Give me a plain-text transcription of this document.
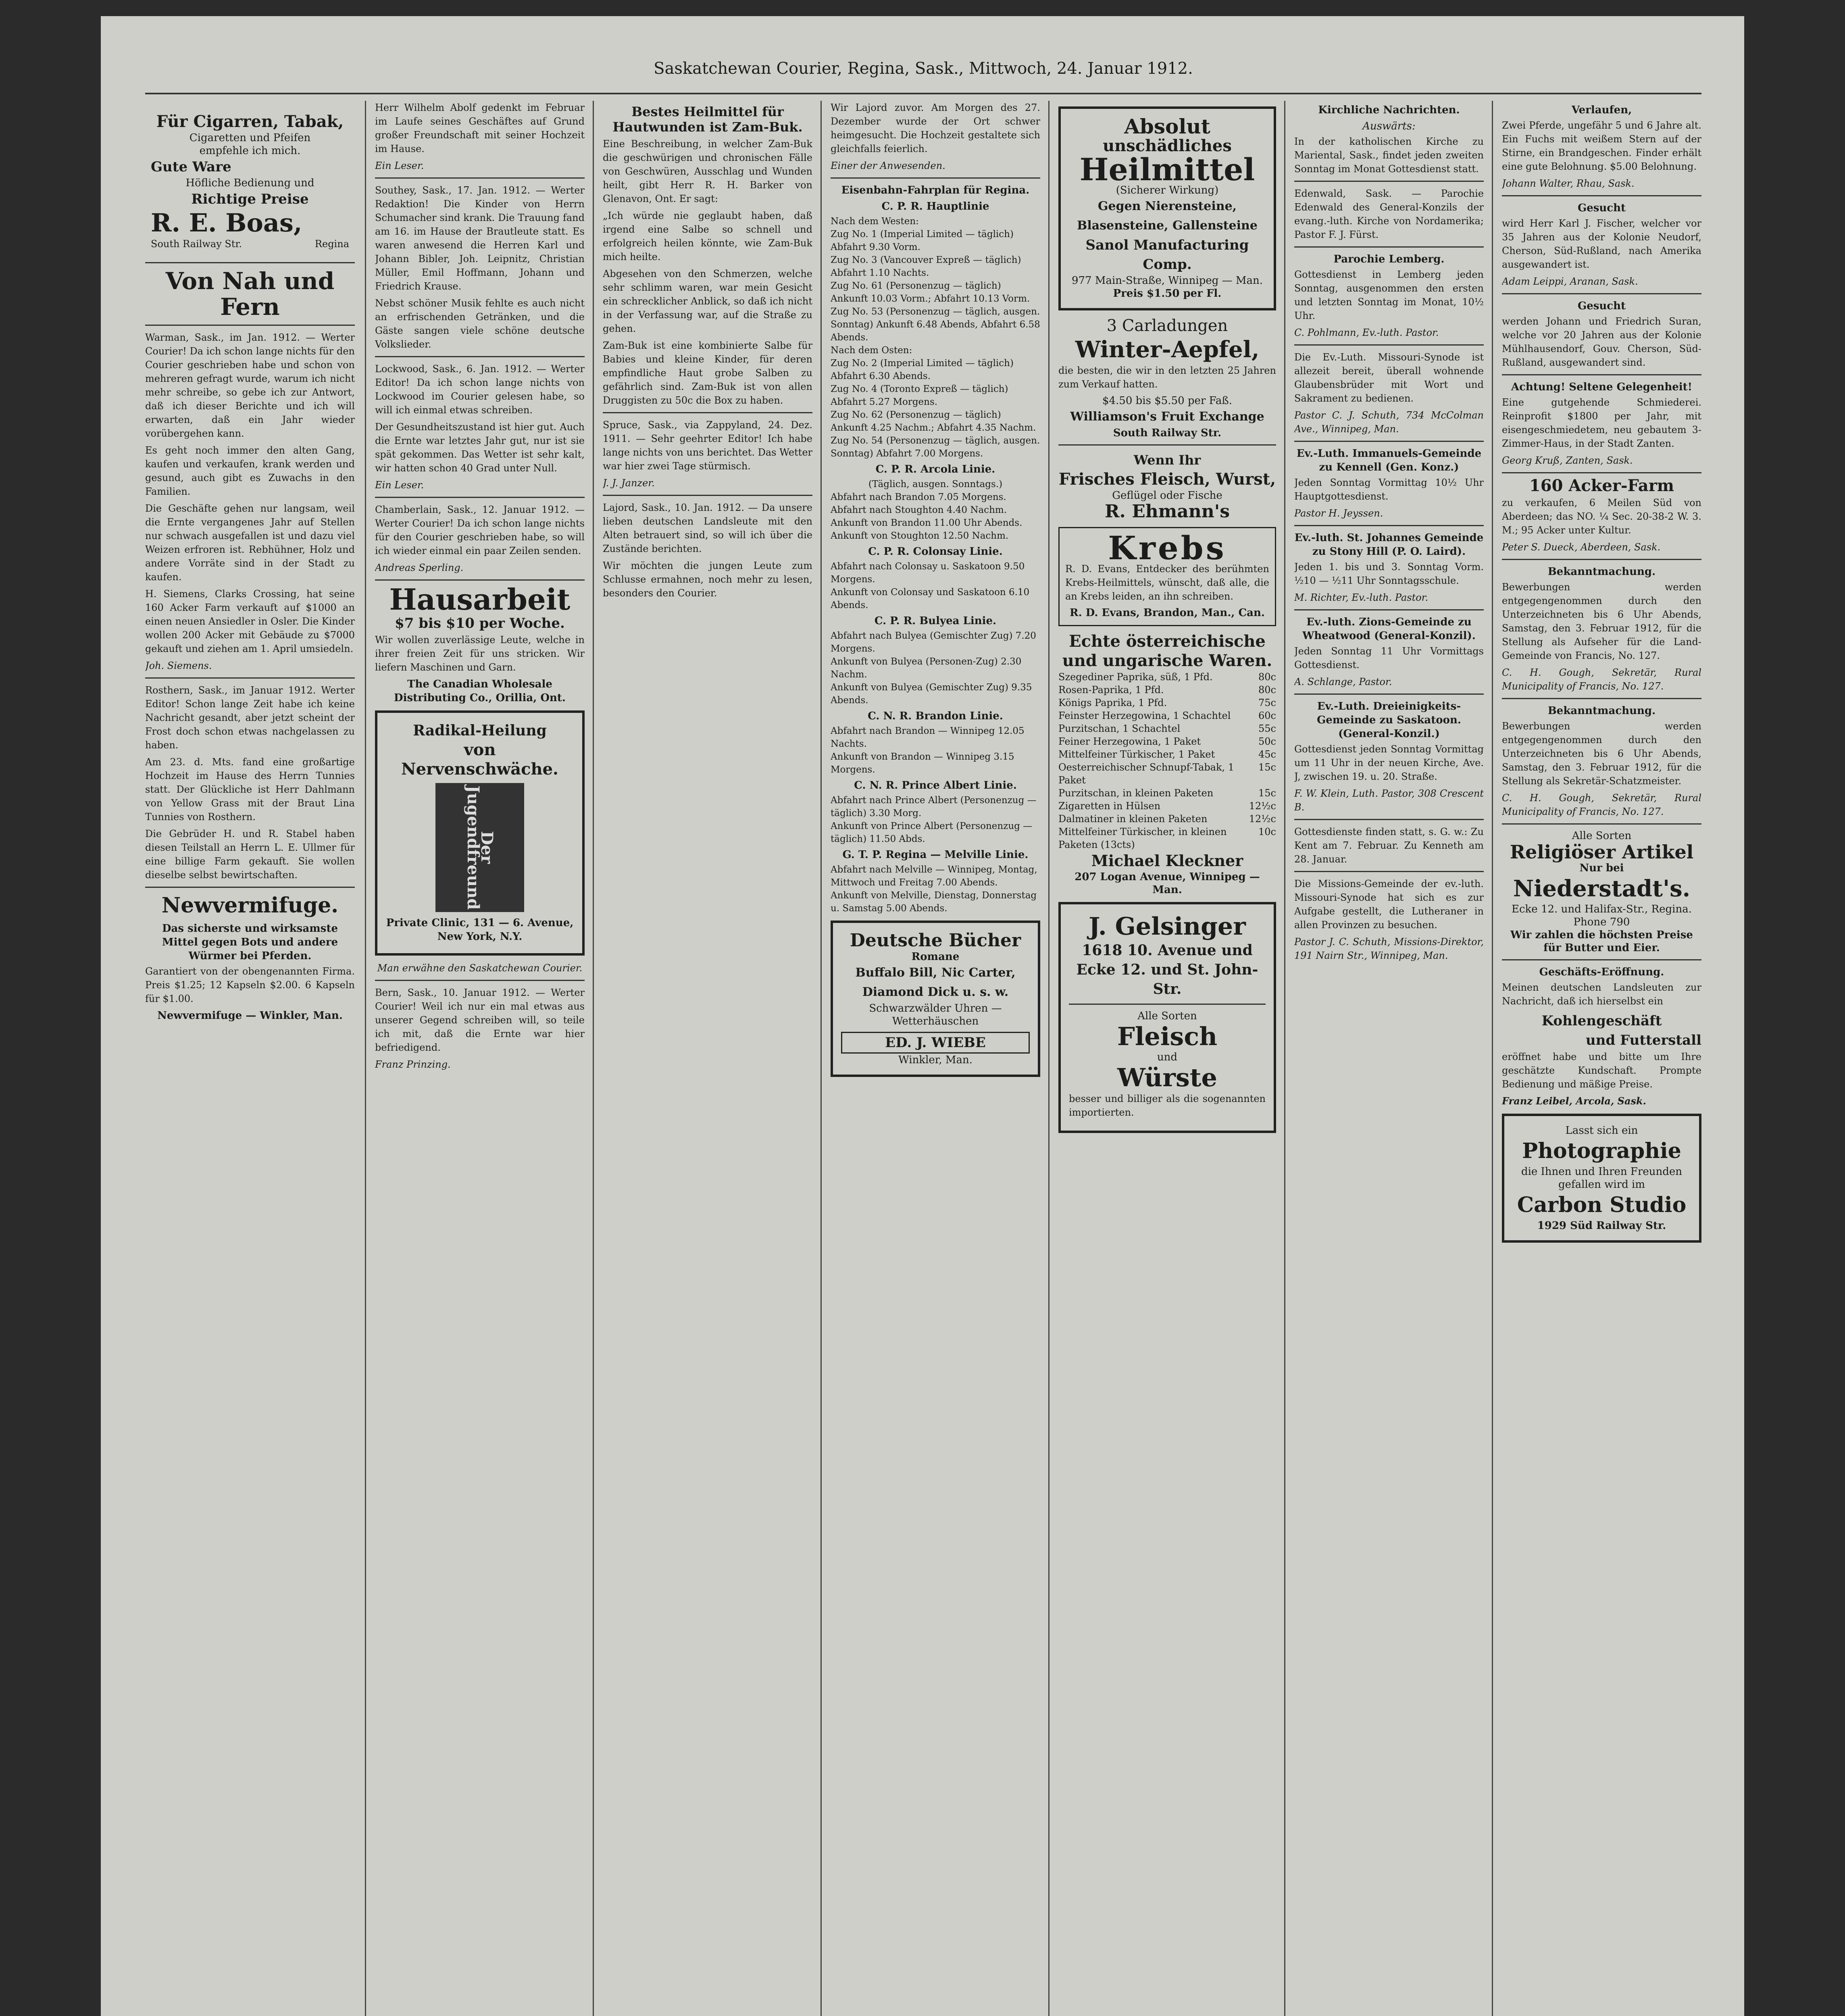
Saskatchewan Courier, Regina, Sask., Mittwoch, 24. Januar 1912.
Für Cigarren, Tabak,
Cigaretten und Pfeifen
empfehle ich mich.
Gute Ware
Höfliche Bedienung und
Richtige Preise
R. E. Boas,
South Railway Str.	Regina
Von Nah und Fern

Warman, Sask., im Jan. 1912. — Werter Courier! Da ich schon lange nichts für den Courier geschrieben habe und schon von mehreren gefragt wurde, warum ich nicht mehr schreibe, so gebe ich zur Antwort, daß ich dieser Berichte und ich will erwarten, daß ein Jahr wieder vorübergehen kann.

Es geht noch immer den alten Gang, kaufen und verkaufen, krank werden und gesund, auch gibt es Zuwachs in den Familien.

Die Geschäfte gehen nur langsam, weil die Ernte vergangenes Jahr auf Stellen nur schwach ausgefallen ist und dazu viel Weizen erfroren ist. Rebhühner, Holz und andere Vorräte sind in der Stadt zu kaufen.

H. Siemens, Clarks Crossing, hat seine 160 Acker Farm verkauft auf $1000 an einen neuen Ansiedler in Osler. Die Kinder wollen 200 Acker mit Gebäude zu $7000 gekauft und ziehen am 1. April umsiedeln.

Joh. Siemens.

Rosthern, Sask., im Januar 1912. Werter Editor! Schon lange Zeit habe ich keine Nachricht gesandt, aber jetzt scheint der Frost doch schon etwas nachgelassen zu haben.

Am 23. d. Mts. fand eine großartige Hochzeit im Hause des Herrn Tunnies statt. Der Glückliche ist Herr Dahlmann von Yellow Grass mit der Braut Lina Tunnies von Rosthern.

Die Gebrüder H. und R. Stabel haben diesen Teilstall an Herrn L. E. Ullmer für eine billige Farm gekauft. Sie wollen dieselbe selbst bewirtschaften.

Newvermifuge.
Das sicherste und wirksamste Mittel gegen Bots und andere Würmer bei Pferden.

Garantiert von der obengenannten Firma. Preis $1.25; 12 Kapseln $2.00. 6 Kapseln für $1.00.

Newvermifuge — Winkler, Man.

Herr Wilhelm Abolf gedenkt im Februar im Laufe seines Geschäftes auf Grund großer Freundschaft mit seiner Hochzeit im Hause.

Ein Leser.

Southey, Sask., 17. Jan. 1912. — Werter Redaktion! Die Kinder von Herrn Schumacher sind krank. Die Trauung fand am 16. im Hause der Brautleute statt. Es waren anwesend die Herren Karl und Johann Bibler, Joh. Leipnitz, Christian Müller, Emil Hoffmann, Johann und Friedrich Krause.

Nebst schöner Musik fehlte es auch nicht an erfrischenden Getränken, und die Gäste sangen viele schöne deutsche Volkslieder.

Lockwood, Sask., 6. Jan. 1912. — Werter Editor! Da ich schon lange nichts von Lockwood im Courier gelesen habe, so will ich einmal etwas schreiben.

Der Gesundheitszustand ist hier gut. Auch die Ernte war letztes Jahr gut, nur ist sie spät gekommen. Das Wetter ist sehr kalt, wir hatten schon 40 Grad unter Null.

Ein Leser.

Chamberlain, Sask., 12. Januar 1912. — Werter Courier! Da ich schon lange nichts für den Courier geschrieben habe, so will ich wieder einmal ein paar Zeilen senden.

Andreas Sperling.

Hausarbeit
$7 bis $10 per Woche.

Wir wollen zuverlässige Leute, welche in ihrer freien Zeit für uns stricken. Wir liefern Maschinen und Garn.

The Canadian Wholesale Distributing Co., Orillia, Ont.
Radikal-Heilung
von Nervenschwäche.
Der Jugendfreund
Private Clinic, 131 — 6. Avenue, New York, N.Y.

Man erwähne den Saskatchewan Courier.

Bern, Sask., 10. Januar 1912. — Werter Courier! Weil ich nur ein mal etwas aus unserer Gegend schreiben will, so teile ich mit, daß die Ernte war hier befriedigend.

Franz Prinzing.

Bestes Heilmittel für Hautwunden ist Zam-Buk.

Eine Beschreibung, in welcher Zam-Buk die geschwürigen und chronischen Fälle von Geschwüren, Ausschlag und Wunden heilt, gibt Herr R. H. Barker von Glenavon, Ont. Er sagt:

„Ich würde nie geglaubt haben, daß irgend eine Salbe so schnell und erfolgreich heilen könnte, wie Zam-Buk mich heilte.

Abgesehen von den Schmerzen, welche sehr schlimm waren, war mein Gesicht ein schrecklicher Anblick, so daß ich nicht in der Verfassung war, auf die Straße zu gehen.

Zam-Buk ist eine kombinierte Salbe für Babies und kleine Kinder, für deren empfindliche Haut grobe Salben zu gefährlich sind. Zam-Buk ist von allen Druggisten zu 50c die Box zu haben.

Spruce, Sask., via Zappyland, 24. Dez. 1911. — Sehr geehrter Editor! Ich habe lange nichts von uns berichtet. Das Wetter war hier zwei Tage stürmisch.

J. J. Janzer.

Lajord, Sask., 10. Jan. 1912. — Da unsere lieben deutschen Landsleute mit den Alten betrauert sind, so will ich über die Zustände berichten.

Wir möchten die jungen Leute zum Schlusse ermahnen, noch mehr zu lesen, besonders den Courier.

Wir Lajord zuvor. Am Morgen des 27. Dezember wurde der Ort schwer heimgesucht. Die Hochzeit gestaltete sich gleichfalls feierlich.

Einer der Anwesenden.

Eisenbahn-Fahrplan für Regina.
C. P. R. Hauptlinie
Nach dem Westen:
Zug No. 1 (Imperial Limited — täglich) Abfahrt 9.30 Vorm.
Zug No. 3 (Vancouver Expreß — täglich) Abfahrt 1.10 Nachts.
Zug No. 61 (Personenzug — täglich) Ankunft 10.03 Vorm.; Abfahrt 10.13 Vorm.
Zug No. 53 (Personenzug — täglich, ausgen. Sonntag) Ankunft 6.48 Abends, Abfahrt 6.58 Abends.
Nach dem Osten:
Zug No. 2 (Imperial Limited — täglich) Abfahrt 6.30 Abends.
Zug No. 4 (Toronto Expreß — täglich) Abfahrt 5.27 Morgens.
Zug No. 62 (Personenzug — täglich) Ankunft 4.25 Nachm.; Abfahrt 4.35 Nachm.
Zug No. 54 (Personenzug — täglich, ausgen. Sonntag) Abfahrt 7.00 Morgens.
C. P. R. Arcola Linie.
(Täglich, ausgen. Sonntags.)
Abfahrt nach Brandon 7.05 Morgens.
Abfahrt nach Stoughton 4.40 Nachm.
Ankunft von Brandon 11.00 Uhr Abends.
Ankunft von Stoughton 12.50 Nachm.
C. P. R. Colonsay Linie.
Abfahrt nach Colonsay u. Saskatoon 9.50 Morgens.
Ankunft von Colonsay und Saskatoon 6.10 Abends.
C. P. R. Bulyea Linie.
Abfahrt nach Bulyea (Gemischter Zug) 7.20 Morgens.
Ankunft von Bulyea (Personen-Zug) 2.30 Nachm.
Ankunft von Bulyea (Gemischter Zug) 9.35 Abends.
C. N. R. Brandon Linie.
Abfahrt nach Brandon — Winnipeg 12.05 Nachts.
Ankunft von Brandon — Winnipeg 3.15 Morgens.
C. N. R. Prince Albert Linie.
Abfahrt nach Prince Albert (Personenzug — täglich) 3.30 Morg.
Ankunft von Prince Albert (Personenzug — täglich) 11.50 Abds.
G. T. P. Regina — Melville Linie.
Abfahrt nach Melville — Winnipeg, Montag, Mittwoch und Freitag 7.00 Abends.
Ankunft von Melville, Dienstag, Donnerstag u. Samstag 5.00 Abends.
Deutsche Bücher
Romane
Buffalo Bill, Nic Carter, Diamond Dick u. s. w.
Schwarzwälder Uhren — Wetterhäuschen
ED. J. WIEBE
Winkler, Man.
Absolut
unschädliches
Heilmittel
(Sicherer Wirkung)
Gegen Nierensteine, Blasensteine, Gallensteine
Sanol Manufacturing Comp.
977 Main-Straße, Winnipeg — Man.
Preis $1.50 per Fl.
3 Carladungen
Winter-Aepfel,

die besten, die wir in den letzten 25 Jahren zum Verkauf hatten.

$4.50 bis $5.50 per Faß.
Williamson's Fruit Exchange
South Railway Str.
Wenn Ihr
Frisches Fleisch, Wurst,
Geflügel oder Fische
R. Ehmann's
Krebs

R. D. Evans, Entdecker des berühmten Krebs-Heilmittels, wünscht, daß alle, die an Krebs leiden, an ihn schreiben.

R. D. Evans, Brandon, Man., Can.
Echte österreichische und ungarische Waren.
Szegediner Paprika, süß, 1 Pfd.	80c
Rosen-Paprika, 1 Pfd.	80c
Königs Paprika, 1 Pfd.	75c
Feinster Herzegowina, 1 Schachtel	60c
Purzitschan, 1 Schachtel	55c
Feiner Herzegowina, 1 Paket	50c
Mittelfeiner Türkischer, 1 Paket	45c
Oesterreichischer Schnupf-Tabak, 1 Paket
15c
Purzitschan, in kleinen Paketen	15c
Zigaretten in Hülsen	12½c
Dalmatiner in kleinen Paketen	12½c
Mittelfeiner Türkischer, in kleinen Paketen (13cts)
10c
Michael Kleckner
207 Logan Avenue, Winnipeg — Man.
J. Gelsinger
1618 10. Avenue und Ecke 12. und St. John-Str.
Alle Sorten
Fleisch
und
Würste

besser und billiger als die sogenannten importierten.

Kirchliche Nachrichten.
Auswärts:

In der katholischen Kirche zu Mariental, Sask., findet jeden zweiten Sonntag im Monat Gottesdienst statt.

Edenwald, Sask. — Parochie Edenwald des General-Konzils der evang.-luth. Kirche von Nordamerika; Pastor F. J. Fürst.

Parochie Lemberg.

Gottesdienst in Lemberg jeden Sonntag, ausgenommen den ersten und letzten Sonntag im Monat, 10½ Uhr.

C. Pohlmann, Ev.-luth. Pastor.

Die Ev.-Luth. Missouri-Synode ist allezeit bereit, überall wohnende Glaubensbrüder mit Wort und Sakrament zu bedienen.

Pastor C. J. Schuth, 734 McColman Ave., Winnipeg, Man.

Ev.-Luth. Immanuels-Gemeinde zu Kennell (Gen. Konz.)

Jeden Sonntag Vormittag 10½ Uhr Hauptgottesdienst.

Pastor H. Jeyssen.

Ev.-luth. St. Johannes Gemeinde zu Stony Hill (P. O. Laird).

Jeden 1. bis und 3. Sonntag Vorm. ½10 — ½11 Uhr Sonntagsschule.

M. Richter, Ev.-luth. Pastor.

Ev.-luth. Zions-Gemeinde zu Wheatwood (General-Konzil).

Jeden Sonntag 11 Uhr Vormittags Gottesdienst.

A. Schlange, Pastor.

Ev.-Luth. Dreieinigkeits-Gemeinde zu Saskatoon. (General-Konzil.)

Gottesdienst jeden Sonntag Vormittag um 11 Uhr in der neuen Kirche, Ave. J, zwischen 19. u. 20. Straße.

F. W. Klein, Luth. Pastor, 308 Crescent B.

Gottesdienste finden statt, s. G. w.: Zu Kent am 7. Februar. Zu Kenneth am 28. Januar.

Die Missions-Gemeinde der ev.-luth. Missouri-Synode hat sich es zur Aufgabe gestellt, die Lutheraner in allen Provinzen zu besuchen.

Pastor J. C. Schuth, Missions-Direktor, 191 Nairn Str., Winnipeg, Man.

Verlaufen,

Zwei Pferde, ungefähr 5 und 6 Jahre alt. Ein Fuchs mit weißem Stern auf der Stirne, ein Brandgeschen. Finder erhält eine gute Belohnung. $5.00 Belohnung.

Johann Walter, Rhau, Sask.

Gesucht

wird Herr Karl J. Fischer, welcher vor 35 Jahren aus der Kolonie Neudorf, Cherson, Süd-Rußland, nach Amerika ausgewandert ist.

Adam Leippi, Aranan, Sask.

Gesucht

werden Johann und Friedrich Suran, welche vor 20 Jahren aus der Kolonie Mühlhausendorf, Gouv. Cherson, Süd-Rußland, ausgewandert sind.

Achtung! Seltene Gelegenheit!

Eine gutgehende Schmiederei. Reinprofit $1800 per Jahr, mit eisengeschmiedetem, neu gebautem 3-Zimmer-Haus, in der Stadt Zanten.

Georg Kruß, Zanten, Sask.

160 Acker-Farm

zu verkaufen, 6 Meilen Süd von Aberdeen; das NO. ¼ Sec. 20-38-2 W. 3. M.; 95 Acker unter Kultur.

Peter S. Dueck, Aberdeen, Sask.

Bekanntmachung.

Bewerbungen werden entgegengenommen durch den Unterzeichneten bis 6 Uhr Abends, Samstag, den 3. Februar 1912, für die Stellung als Aufseher für die Land-Gemeinde von Francis, No. 127.

C. H. Gough, Sekretär, Rural Municipality of Francis, No. 127.

Bekanntmachung.

Bewerbungen werden entgegengenommen durch den Unterzeichneten bis 6 Uhr Abends, Samstag, den 3. Februar 1912, für die Stellung als Sekretär-Schatzmeister.

C. H. Gough, Sekretär, Rural Municipality of Francis, No. 127.

Alle Sorten
Religiöser Artikel
Nur bei
Niederstadt's.
Ecke 12. und Halifax-Str., Regina. Phone 790
Wir zahlen die höchsten Preise für Butter und Eier.
Geschäfts-Eröffnung.

Meinen deutschen Landsleuten zur Nachricht, daß ich hierselbst ein

Kohlengeschäft
und Futterstall

eröffnet habe und bitte um Ihre geschätzte Kundschaft. Prompte Bedienung und mäßige Preise.

Franz Leibel, Arcola, Sask.

Lasst sich ein
Photographie
die Ihnen und Ihren Freunden gefallen wird im
Carbon Studio
1929 Süd Railway Str.
